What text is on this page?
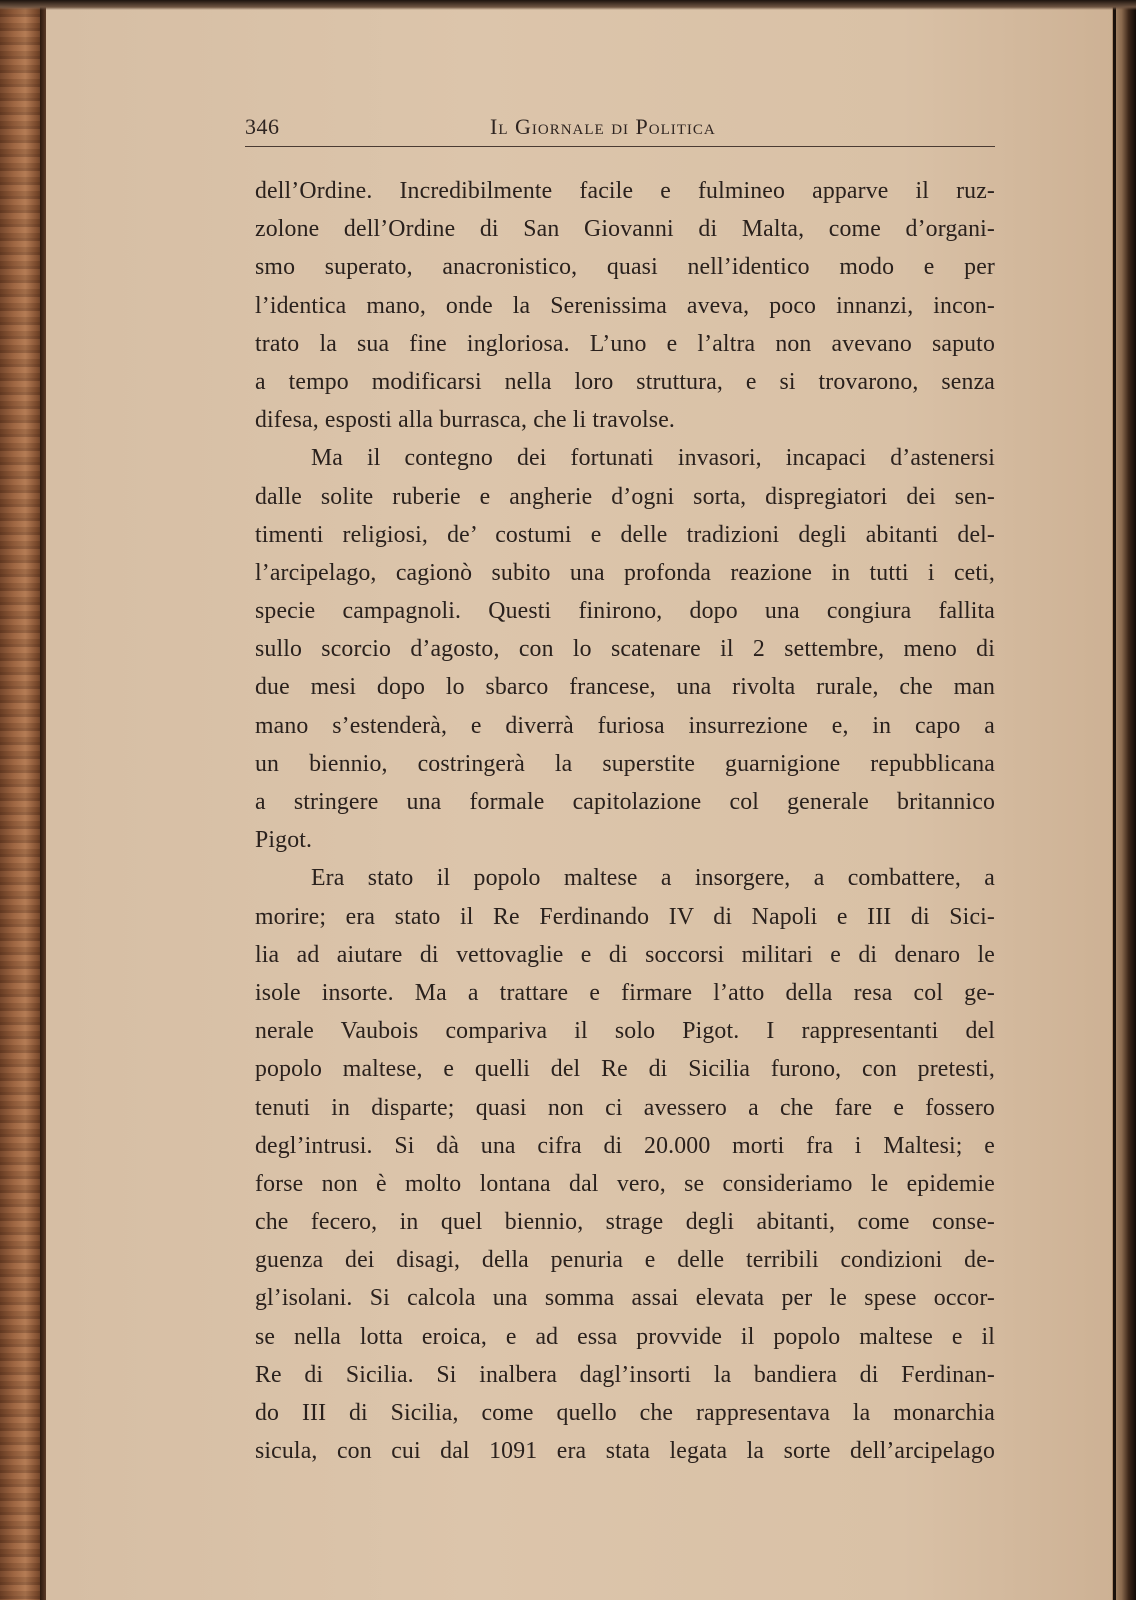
346	Il Giornale di Politica
dell’Ordine. Incredibilmente facile e fulmineo apparve il ruz-
zolone dell’Ordine di San Giovanni di Malta, come d’organi-
smo superato, anacronistico, quasi nell’identico modo e per
l’identica mano, onde la Serenissima aveva, poco innanzi, incon-
trato la sua fine ingloriosa. L’uno e l’altra non avevano saputo
a tempo modificarsi nella loro struttura, e si trovarono, senza
difesa, esposti alla burrasca, che li travolse.
Ma il contegno dei fortunati invasori, incapaci d’astenersi
dalle solite ruberie e angherie d’ogni sorta, dispregiatori dei sen-
timenti religiosi, de’ costumi e delle tradizioni degli abitanti del-
l’arcipelago, cagionò subito una profonda reazione in tutti i ceti,
specie campagnoli. Questi finirono, dopo una congiura fallita
sullo scorcio d’agosto, con lo scatenare il 2 settembre, meno di
due mesi dopo lo sbarco francese, una rivolta rurale, che man
mano s’estenderà, e diverrà furiosa insurrezione e, in capo a
un biennio, costringerà la superstite guarnigione repubblicana
a stringere una formale capitolazione col generale britannico
Pigot.
Era stato il popolo maltese a insorgere, a combattere, a
morire; era stato il Re Ferdinando IV di Napoli e III di Sici-
lia ad aiutare di vettovaglie e di soccorsi militari e di denaro le
isole insorte. Ma a trattare e firmare l’atto della resa col ge-
nerale Vaubois compariva il solo Pigot. I rappresentanti del
popolo maltese, e quelli del Re di Sicilia furono, con pretesti,
tenuti in disparte; quasi non ci avessero a che fare e fossero
degl’intrusi. Si dà una cifra di 20.000 morti fra i Maltesi; e
forse non è molto lontana dal vero, se consideriamo le epidemie
che fecero, in quel biennio, strage degli abitanti, come conse-
guenza dei disagi, della penuria e delle terribili condizioni de-
gl’isolani. Si calcola una somma assai elevata per le spese occor-
se nella lotta eroica, e ad essa provvide il popolo maltese e il
Re di Sicilia. Si inalbera dagl’insorti la bandiera di Ferdinan-
do III di Sicilia, come quello che rappresentava la monarchia
sicula, con cui dal 1091 era stata legata la sorte dell’arcipelago
